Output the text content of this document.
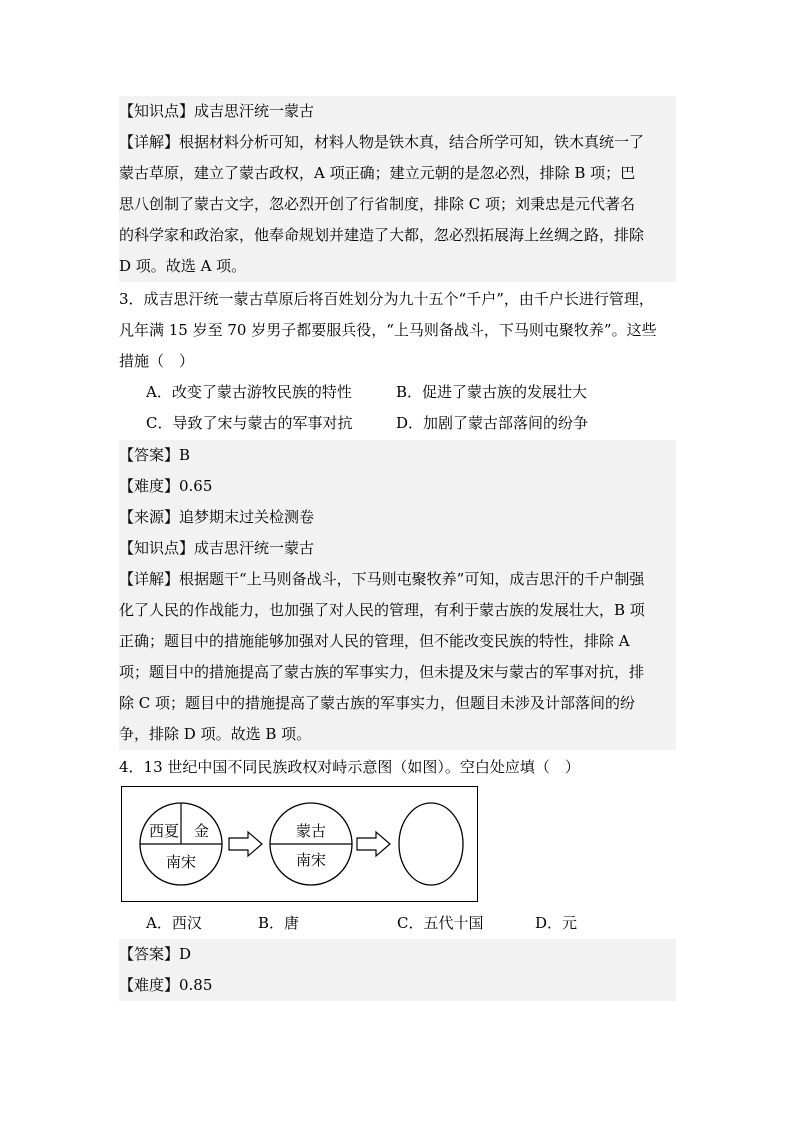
【知识点】成吉思汗统一蒙古
【详解】根据材料分析可知，材料人物是铁木真，结合所学可知，铁木真统一了
蒙古草原，建立了蒙古政权，A 项正确；建立元朝的是忽必烈，排除 B 项；巴
思八创制了蒙古文字，忽必烈开创了行省制度，排除 C 项；刘秉忠是元代著名
的科学家和政治家，他奉命规划并建造了大都，忽必烈拓展海上丝绸之路，排除
D 项。故选 A 项。
3．成吉思汗统一蒙古草原后将百姓划分为九十五个“千户”，由千户长进行管理，
凡年满 15 岁至 70 岁男子都要服兵役，“上马则备战斗，下马则屯聚牧养”。这些
措施（　）
A．改变了蒙古游牧民族的特性	B．促进了蒙古族的发展壮大
C．导致了宋与蒙古的军事对抗	D．加剧了蒙古部落间的纷争
【答案】B
【难度】0.65
【来源】追梦期末过关检测卷
【知识点】成吉思汗统一蒙古
【详解】根据题干“上马则备战斗，下马则屯聚牧养”可知，成吉思汗的千户制强
化了人民的作战能力，也加强了对人民的管理，有利于蒙古族的发展壮大，B 项
正确；题目中的措施能够加强对人民的管理，但不能改变民族的特性，排除 A
项；题目中的措施提高了蒙古族的军事实力，但未提及宋与蒙古的军事对抗，排
除 C 项；题目中的措施提高了蒙古族的军事实力，但题目未涉及计部落间的纷
争，排除 D 项。故选 B 项。
4．13 世纪中国不同民族政权对峙示意图（如图）。空白处应填（　）
西夏 金
南宋
蒙古
南宋
A．西汉	B．唐	C．五代十国	D．元
【答案】D
【难度】0.85
